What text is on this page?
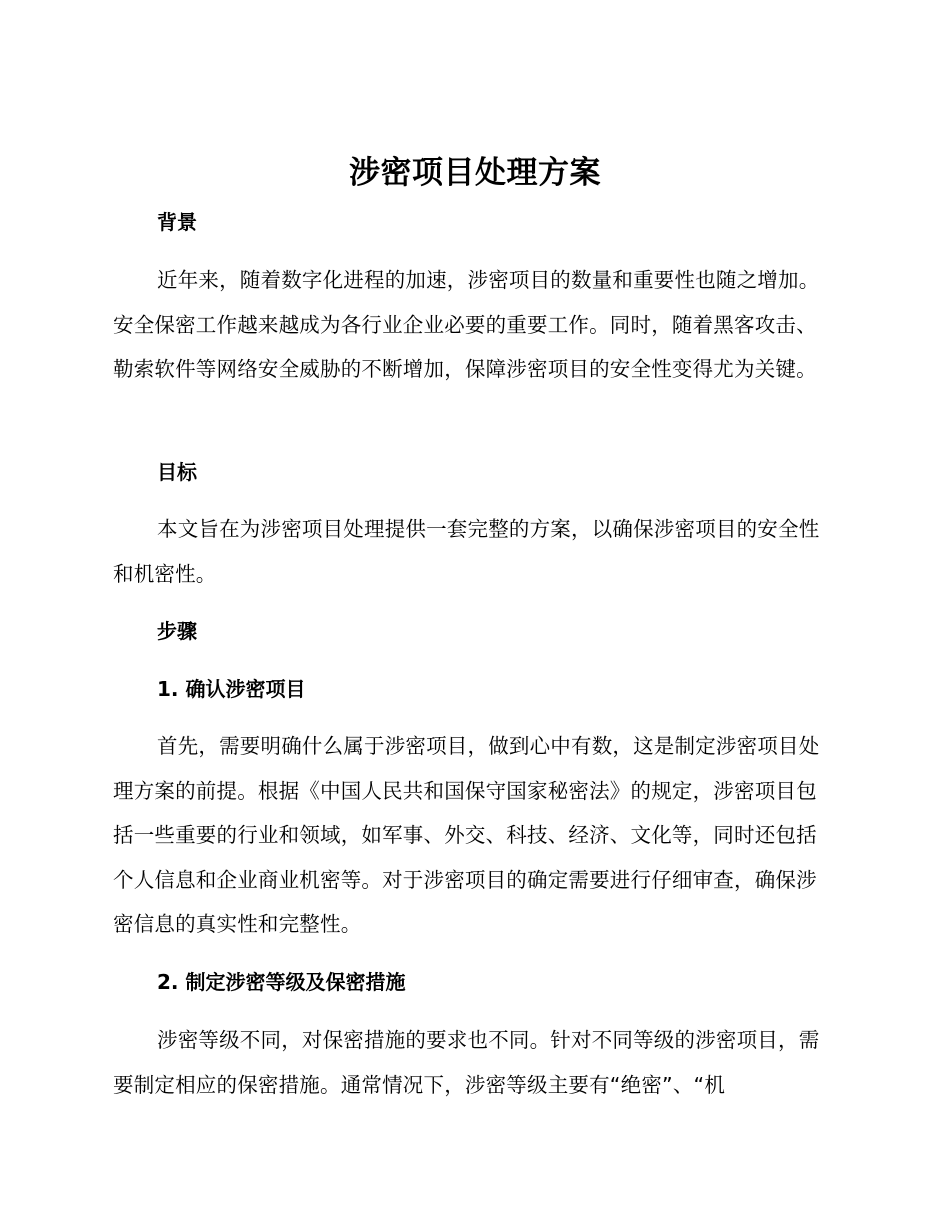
涉密项目处理方案
背景

近年来，随着数字化进程的加速，涉密项目的数量和重要性也随之增加。安全保密工作越来越成为各行业企业必要的重要工作。同时，随着黑客攻击、勒索软件等网络安全威胁的不断增加，保障涉密项目的安全性变得尤为关键。

目标

本文旨在为涉密项目处理提供一套完整的方案，以确保涉密项目的安全性和机密性。

步骤
1. 确认涉密项目

首先，需要明确什么属于涉密项目，做到心中有数，这是制定涉密项目处理方案的前提。根据《中国人民共和国保守国家秘密法》的规定，涉密项目包括一些重要的行业和领域，如军事、外交、科技、经济、文化等，同时还包括个人信息和企业商业机密等。对于涉密项目的确定需要进行仔细审查，确保涉密信息的真实性和完整性。

2. 制定涉密等级及保密措施

涉密等级不同，对保密措施的要求也不同。针对不同等级的涉密项目，需要制定相应的保密措施。通常情况下，涉密等级主要有“绝密”、“机
